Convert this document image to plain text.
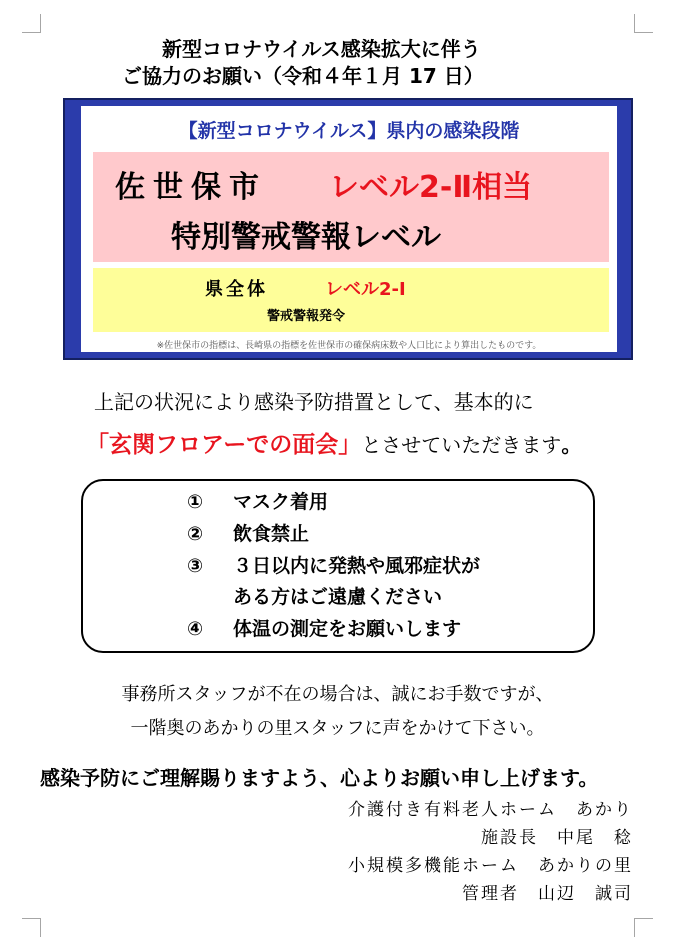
新型コロナウイルス感染拡大に伴う
ご協力のお願い（令和４年１月 17 日）
【新型コロナウイルス】県内の感染段階
佐世保市 レベル2-Ⅱ相当
特別警戒警報レベル
県全体	レベル2-Ⅰ
警戒警報発令
※佐世保市の指標は、長崎県の指標を佐世保市の確保病床数や人口比により算出したものです。
上記の状況により感染予防措置として、基本的に
「玄関フロアーでの面会」とさせていただきます。
① マスク着用
② 飲食禁止
③ ３日以内に発熱や風邪症状が
ある方はご遠慮ください
④ 体温の測定をお願いします
事務所スタッフが不在の場合は、誠にお手数ですが、
一階奥のあかりの里スタッフに声をかけて下さい。
感染予防にご理解賜りますよう、心よりお願い申し上げます。
介護付き有料老人ホーム　あかり
施設長　中尾　稔
小規模多機能ホーム　あかりの里
管理者　山辺　誠司
